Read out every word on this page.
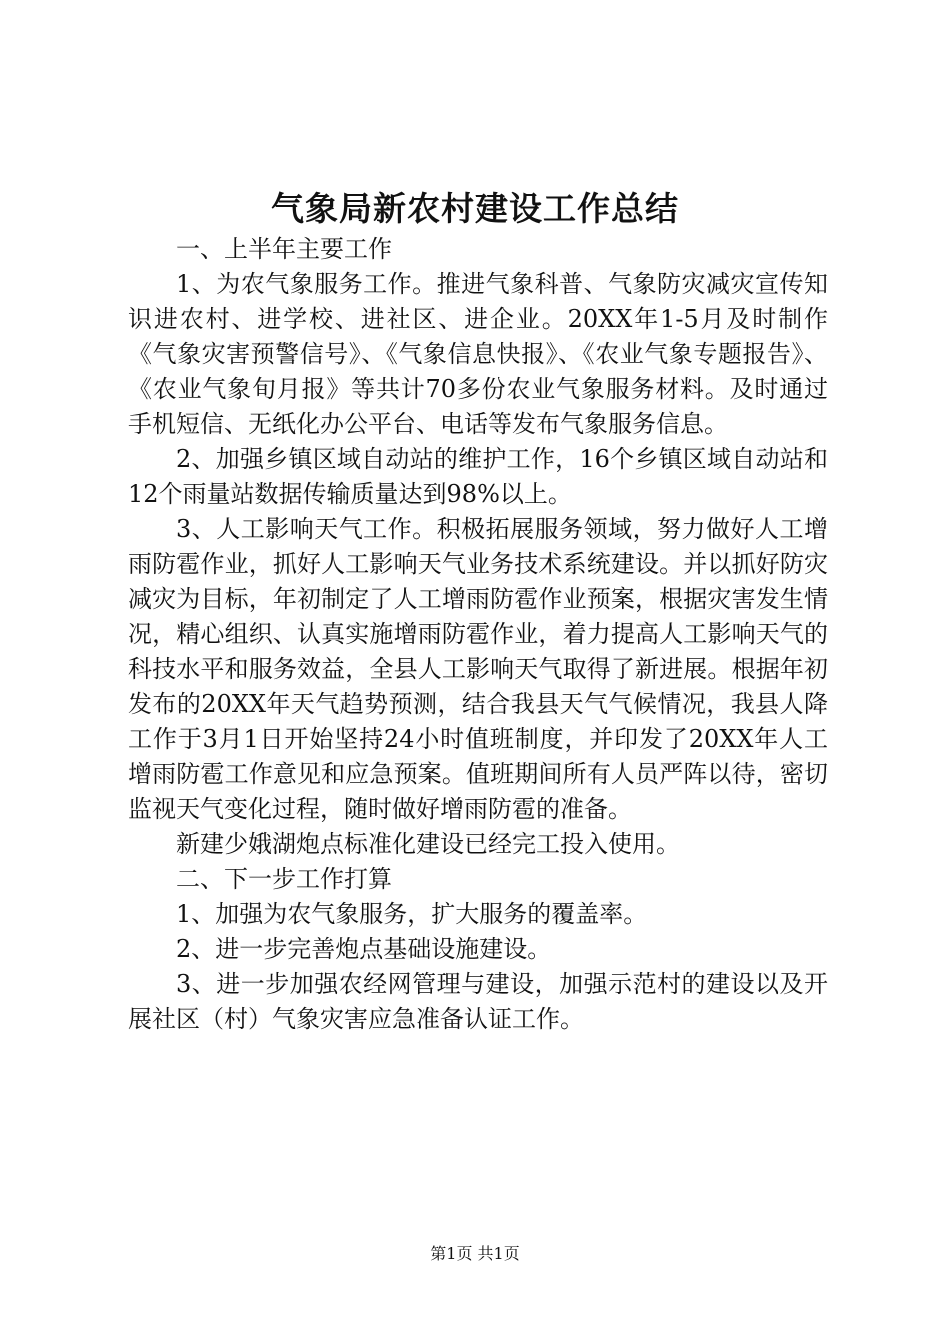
气象局新农村建设工作总结

一、上半年主要工作

1、为农气象服务工作。推进气象科普、气象防灾减灾宣传知识进农村、进学校、进社区、进企业。20XX年1-5月及时制作《气象灾害预警信号》、《气象信息快报》、《农业气象专题报告》、《农业气象旬月报》等共计70多份农业气象服务材料。及时通过手机短信、无纸化办公平台、电话等发布气象服务信息。

2、加强乡镇区域自动站的维护工作，16个乡镇区域自动站和12个雨量站数据传输质量达到98%以上。

3、人工影响天气工作。积极拓展服务领域，努力做好人工增雨防雹作业，抓好人工影响天气业务技术系统建设。并以抓好防灾减灾为目标，年初制定了人工增雨防雹作业预案，根据灾害发生情况，精心组织、认真实施增雨防雹作业，着力提高人工影响天气的科技水平和服务效益，全县人工影响天气取得了新进展。根据年初发布的20XX年天气趋势预测，结合我县天气气候情况，我县人降工作于3月1日开始坚持24小时值班制度，并印发了20XX年人工增雨防雹工作意见和应急预案。值班期间所有人员严阵以待，密切监视天气变化过程，随时做好增雨防雹的准备。

新建少娥湖炮点标准化建设已经完工投入使用。

二、下一步工作打算

1、加强为农气象服务，扩大服务的覆盖率。

2、进一步完善炮点基础设施建设。

3、进一步加强农经网管理与建设，加强示范村的建设以及开展社区（村）气象灾害应急准备认证工作。

第1页 共1页
